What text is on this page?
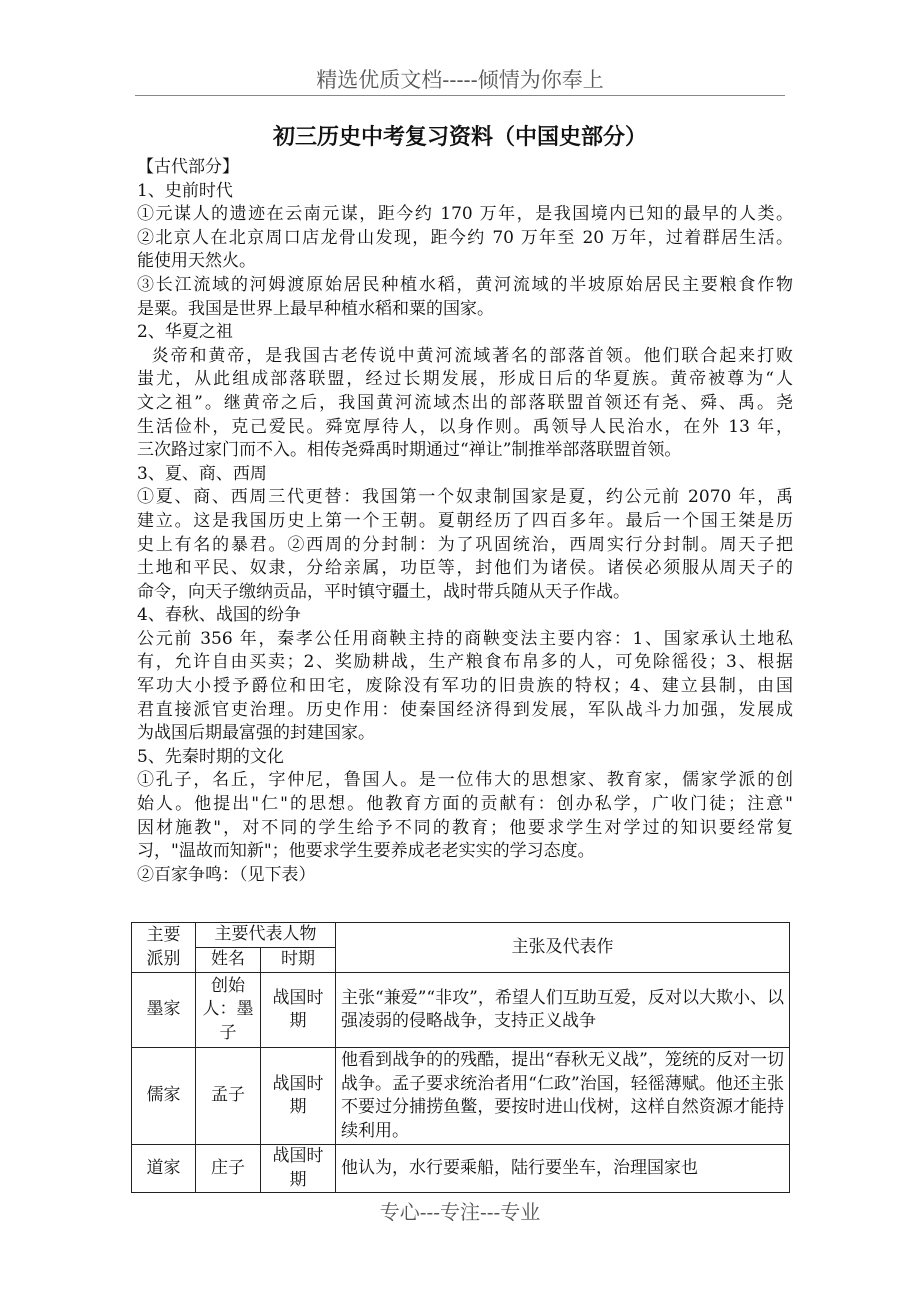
精选优质文档-----倾情为你奉上
初三历史中考复习资料（中国史部分）
【古代部分】
1、史前时代
①元谋人的遗迹在云南元谋，距今约 170 万年，是我国境内已知的最早的人类。
②北京人在北京周口店龙骨山发现，距今约 70 万年至 20 万年，过着群居生活。
能使用天然火。
③长江流域的河姆渡原始居民种植水稻，黄河流域的半坡原始居民主要粮食作物
是粟。我国是世界上最早种植水稻和粟的国家。
2、华夏之祖
炎帝和黄帝，是我国古老传说中黄河流域著名的部落首领。他们联合起来打败
蚩尤，从此组成部落联盟，经过长期发展，形成日后的华夏族。黄帝被尊为“人
文之祖”。继黄帝之后，我国黄河流域杰出的部落联盟首领还有尧、舜、禹。尧
生活俭朴，克己爱民。舜宽厚待人，以身作则。禹领导人民治水，在外 13 年，
三次路过家门而不入。相传尧舜禹时期通过“禅让”制推举部落联盟首领。
3、夏、商、西周
①夏、商、西周三代更替：我国第一个奴隶制国家是夏，约公元前 2070 年，禹
建立。这是我国历史上第一个王朝。夏朝经历了四百多年。最后一个国王桀是历
史上有名的暴君。②西周的分封制：为了巩固统治，西周实行分封制。周天子把
土地和平民、奴隶，分给亲属，功臣等，封他们为诸侯。诸侯必须服从周天子的
命令，向天子缴纳贡品，平时镇守疆土，战时带兵随从天子作战。
4、春秋、战国的纷争
公元前 356 年，秦孝公任用商鞅主持的商鞅变法主要内容：1、国家承认土地私
有，允许自由买卖；2、奖励耕战，生产粮食布帛多的人，可免除徭役；3、根据
军功大小授予爵位和田宅，废除没有军功的旧贵族的特权；4、建立县制，由国
君直接派官吏治理。历史作用：使秦国经济得到发展，军队战斗力加强，发展成
为战国后期最富强的封建国家。
5、先秦时期的文化
①孔子，名丘，字仲尼，鲁国人。是一位伟大的思想家、教育家，儒家学派的创
始人。他提出"仁"的思想。他教育方面的贡献有：创办私学，广收门徒；注意"
因材施教"，对不同的学生给予不同的教育；他要求学生对学过的知识要经常复
习，"温故而知新"；他要求学生要养成老老实实的学习态度。
②百家争鸣：（见下表）
主要派别	主要代表人物		主张及代表作
	姓名	时期	
墨家	创始人：墨子	战国时期	主张“兼爱”“非攻”，希望人们互助互爱，反对以大欺小、以强凌弱的侵略战争，支持正义战争
儒家	孟子	战国时期	他看到战争的的残酷，提出“春秋无义战”，笼统的反对一切战争。孟子要求统治者用“仁政”治国，轻徭薄赋。他还主张不要过分捕捞鱼鳖，要按时进山伐树，这样自然资源才能持续利用。
道家	庄子	战国时期	他认为，水行要乘船，陆行要坐车，治理国家也
专心---专注---专业
